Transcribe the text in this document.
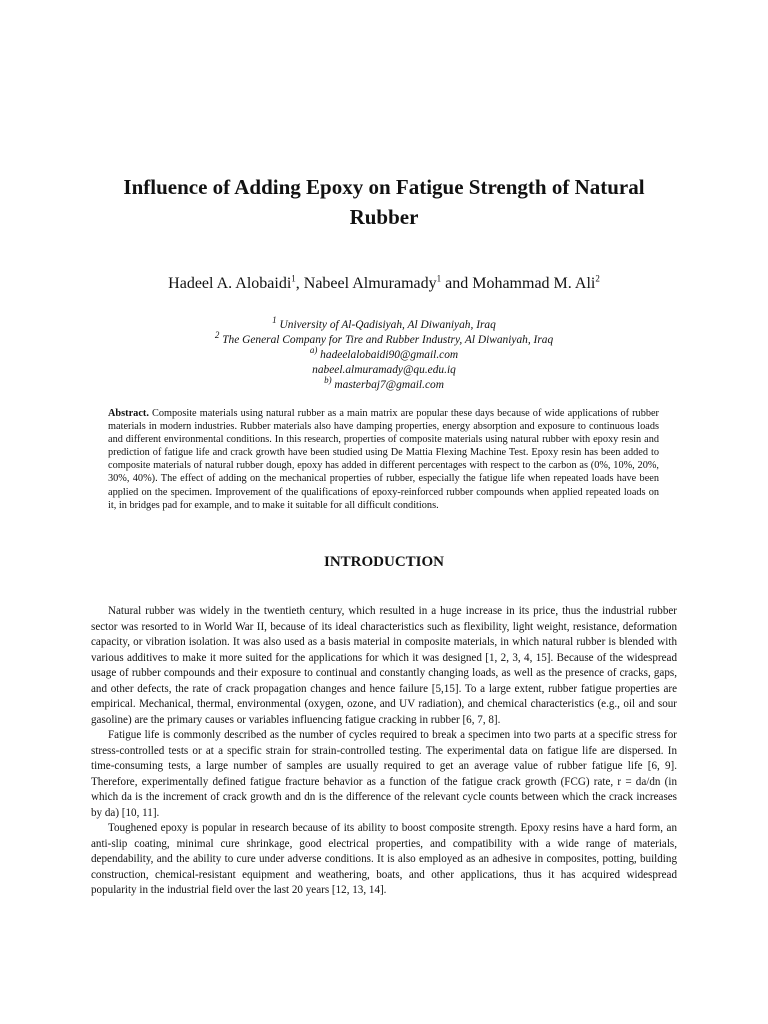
Influence of Adding Epoxy on Fatigue Strength of Natural Rubber
Hadeel A. Alobaidi$^1$, Nabeel Almuramady$^1$ and Mohammad M. Ali$^2$
$^1$ University of Al-Qadisiyah, Al Diwaniyah, Iraq
$^2$ The General Company for Tire and Rubber Industry, Al Diwaniyah, Iraq
$^{a)}$ hadeelalobaidi90@gmail.com
nabeel.almuramady@qu.edu.iq
$^{b)}$ masterbaj7@gmail.com

Abstract. Composite materials using natural rubber as a main matrix are popular these days because of wide applications of rubber materials in modern industries. Rubber materials also have damping properties, energy absorption and exposure to continuous loads and different environmental conditions. In this research, properties of composite materials using natural rubber with epoxy resin and prediction of fatigue life and crack growth have been studied using De Mattia Flexing Machine Test. Epoxy resin has been added to composite materials of natural rubber dough, epoxy has added in different percentages with respect to the carbon as (0%, 10%, 20%, 30%, 40%). The effect of adding on the mechanical properties of rubber, especially the fatigue life when repeated loads have been applied on the specimen. Improvement of the qualifications of epoxy-reinforced rubber compounds when applied repeated loads on it, in bridges pad for example, and to make it suitable for all difficult conditions.

INTRODUCTION

Natural rubber was widely in the twentieth century, which resulted in a huge increase in its price, thus the industrial rubber sector was resorted to in World War II, because of its ideal characteristics such as flexibility, light weight, resistance, deformation capacity, or vibration isolation. It was also used as a basis material in composite materials, in which natural rubber is blended with various additives to make it more suited for the applications for which it was designed [1, 2, 3, 4, 15]. Because of the widespread usage of rubber compounds and their exposure to continual and constantly changing loads, as well as the presence of cracks, gaps, and other defects, the rate of crack propagation changes and hence failure [5,15]. To a large extent, rubber fatigue properties are empirical. Mechanical, thermal, environmental (oxygen, ozone, and UV radiation), and chemical characteristics (e.g., oil and sour gasoline) are the primary causes or variables influencing fatigue cracking in rubber [6, 7, 8].

Fatigue life is commonly described as the number of cycles required to break a specimen into two parts at a specific stress for stress-controlled tests or at a specific strain for strain-controlled testing. The experimental data on fatigue life are dispersed. In time-consuming tests, a large number of samples are usually required to get an average value of rubber fatigue life [6, 9]. Therefore, experimentally defined fatigue fracture behavior as a function of the fatigue crack growth (FCG) rate, r = da/dn (in which da is the increment of crack growth and dn is the difference of the relevant cycle counts between which the crack increases by da) [10, 11].

Toughened epoxy is popular in research because of its ability to boost composite strength. Epoxy resins have a hard form, an anti-slip coating, minimal cure shrinkage, good electrical properties, and compatibility with a wide range of materials, dependability, and the ability to cure under adverse conditions. It is also employed as an adhesive in composites, potting, building construction, chemical-resistant equipment and weathering, boats, and other applications, thus it has acquired widespread popularity in the industrial field over the last 20 years [12, 13, 14].
